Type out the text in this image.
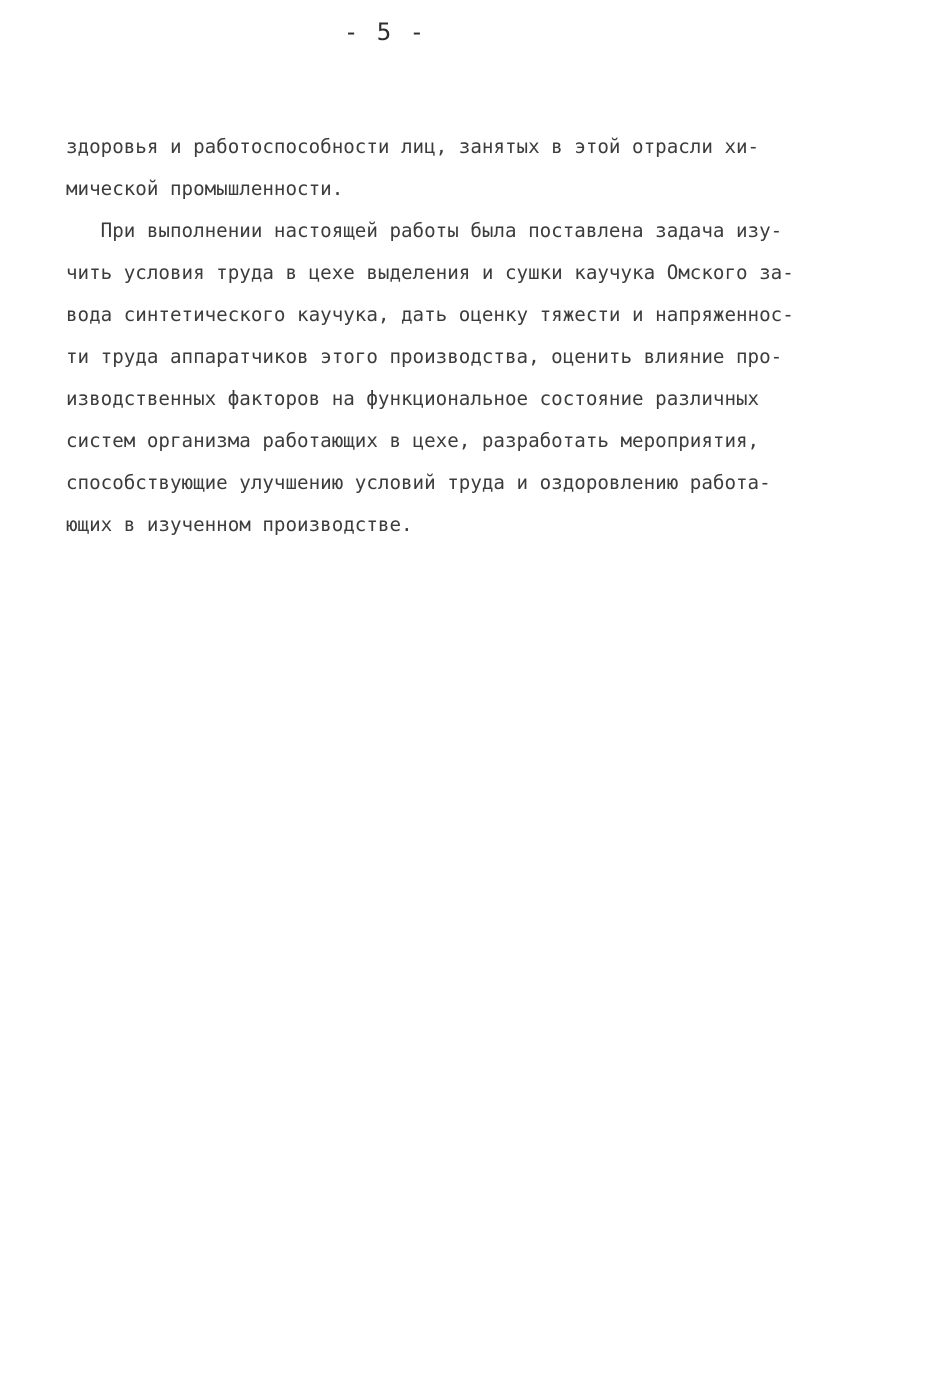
- 5 -
здоровья и работоспособности лиц, занятых в этой отрасли хи-
мической промышленности.
При выполнении настоящей работы была поставлена задача изу-
чить условия труда в цехе выделения и сушки каучука Омского за-
вода синтетического каучука, дать оценку тяжести и напряженнос-
ти труда аппаратчиков этого производства, оценить влияние про-
изводственных факторов на функциональное состояние различных
систем организма работающих в цехе, разработать мероприятия,
способствующие улучшению условий труда и оздоровлению работа-
ющих в изученном производстве.
